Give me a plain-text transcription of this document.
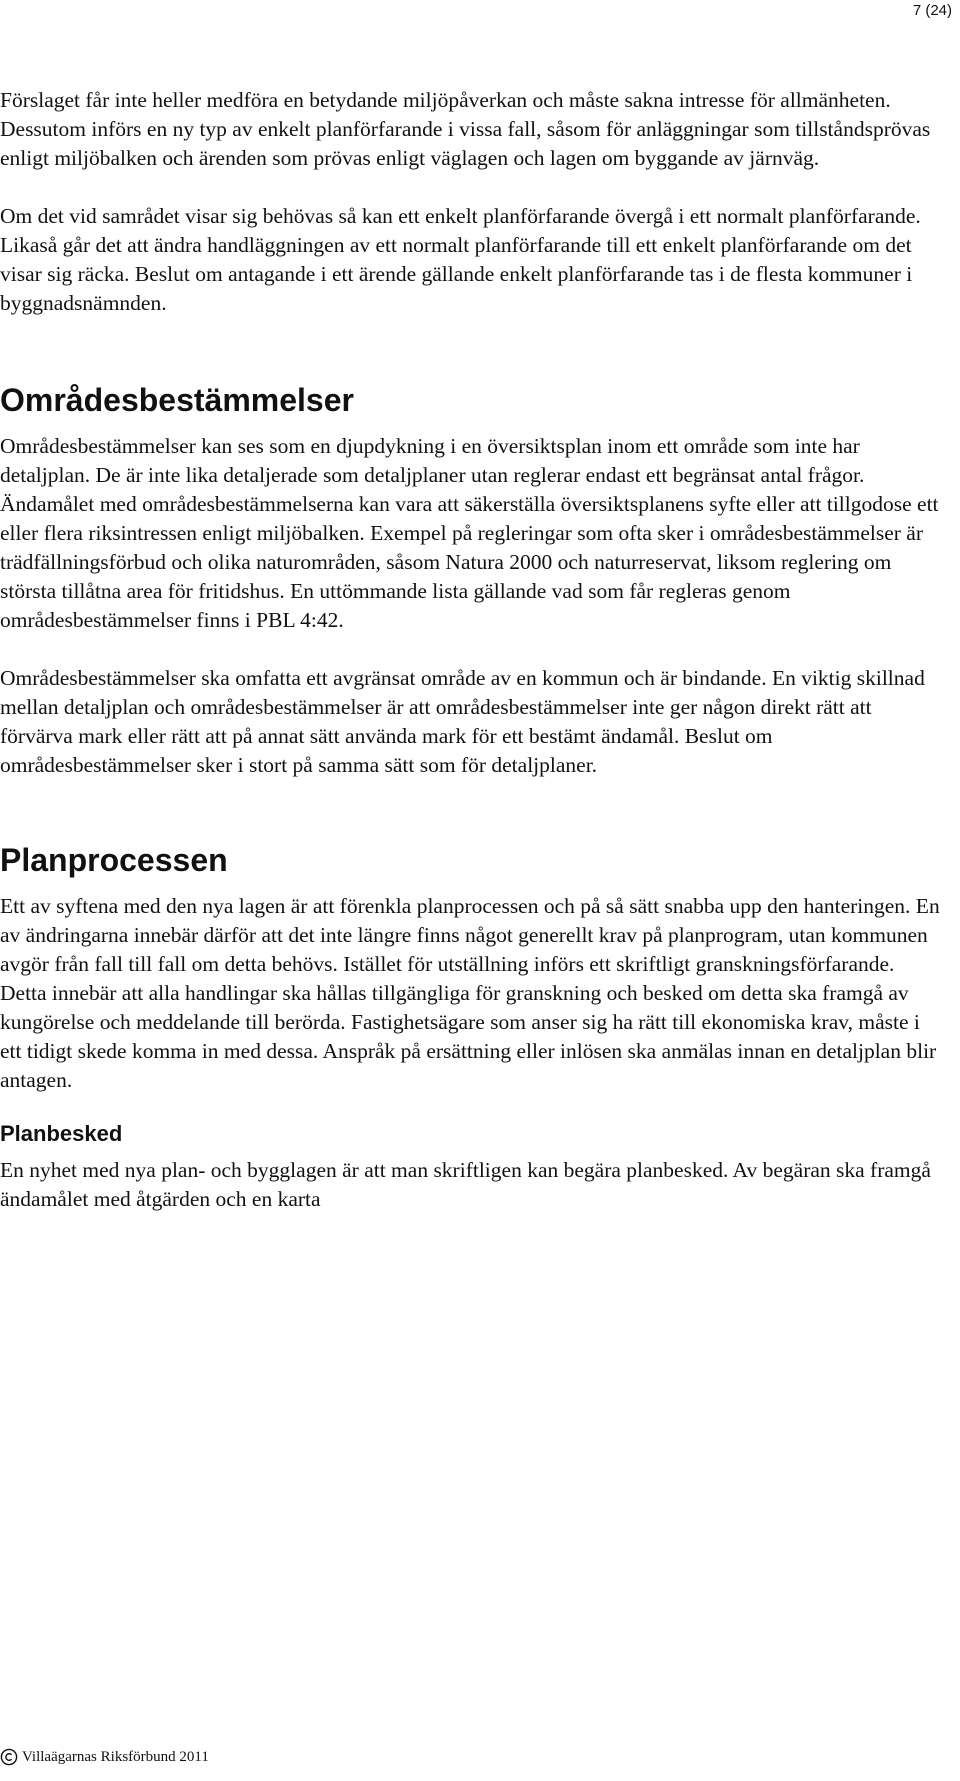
7 (24)

Förslaget får inte heller medföra en betydande miljöpåverkan och måste sakna intresse för allmänheten. Dessutom införs en ny typ av enkelt planförfarande i vissa fall, såsom för anläggningar som tillståndsprövas enligt miljöbalken och ärenden som prövas enligt väglagen och lagen om byggande av järnväg.

Om det vid samrådet visar sig behövas så kan ett enkelt planförfarande övergå i ett normalt planförfarande. Likaså går det att ändra handläggningen av ett normalt planförfarande till ett enkelt planförfarande om det visar sig räcka. Beslut om antagande i ett ärende gällande enkelt planförfarande tas i de flesta kommuner i byggnadsnämnden.

Områdesbestämmelser

Områdesbestämmelser kan ses som en djupdykning i en översiktsplan inom ett område som inte har detaljplan. De är inte lika detaljerade som detaljplaner utan reglerar endast ett begränsat antal frågor. Ändamålet med områdesbestämmelserna kan vara att säkerställa översiktsplanens syfte eller att tillgodose ett eller flera riksintressen enligt miljöbalken. Exempel på regleringar som ofta sker i områdesbestämmelser är trädfällningsförbud och olika naturområden, såsom Natura 2000 och naturreservat, liksom reglering om största tillåtna area för fritidshus. En uttömmande lista gällande vad som får regleras genom områdesbestämmelser finns i PBL 4:42.

Områdesbestämmelser ska omfatta ett avgränsat område av en kommun och är bindande. En viktig skillnad mellan detaljplan och områdesbestämmelser är att områdesbestämmelser inte ger någon direkt rätt att förvärva mark eller rätt att på annat sätt använda mark för ett bestämt ändamål. Beslut om områdesbestämmelser sker i stort på samma sätt som för detaljplaner.

Planprocessen

Ett av syftena med den nya lagen är att förenkla planprocessen och på så sätt snabba upp den hanteringen. En av ändringarna innebär därför att det inte längre finns något generellt krav på planprogram, utan kommunen avgör från fall till fall om detta behövs. Istället för utställning införs ett skriftligt granskningsförfarande. Detta innebär att alla handlingar ska hållas tillgängliga för granskning och besked om detta ska framgå av kungörelse och meddelande till berörda. Fastighetsägare som anser sig ha rätt till ekonomiska krav, måste i ett tidigt skede komma in med dessa. Anspråk på ersättning eller inlösen ska anmälas innan en detaljplan blir antagen.

Planbesked

En nyhet med nya plan- och bygglagen är att man skriftligen kan begära planbesked. Av begäran ska framgå ändamålet med åtgärden och en karta

Villaägarnas Riksförbund 2011
